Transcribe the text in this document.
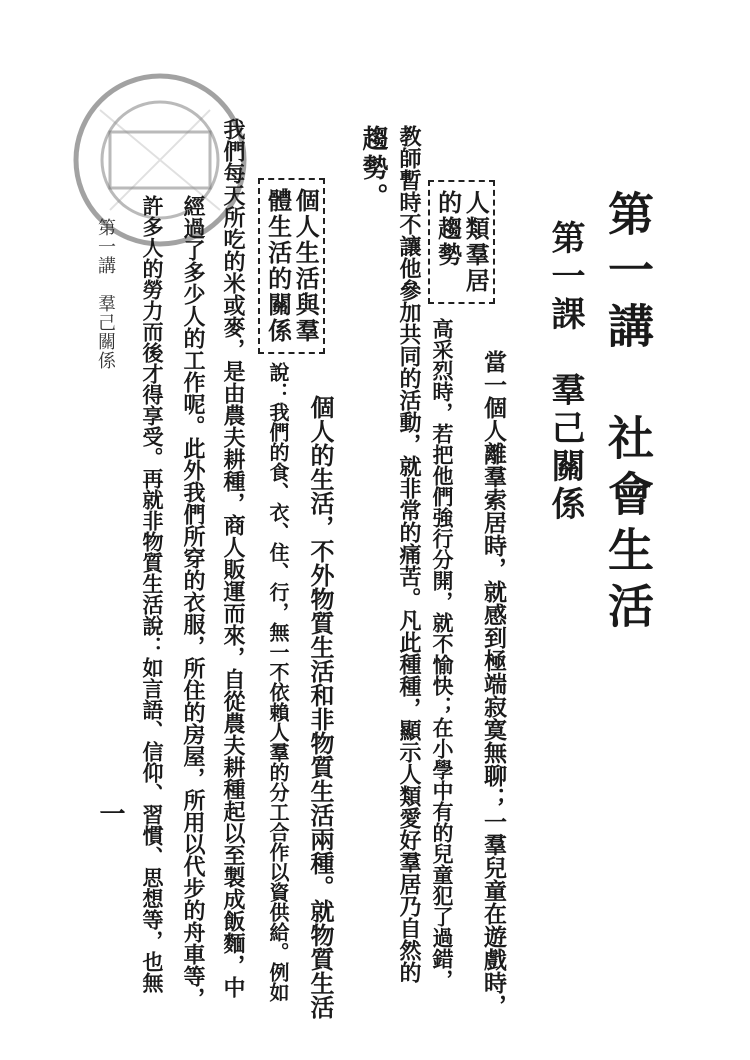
第一講　社會生活
第一課　羣己關係
人類羣居
的趨勢
個人生活與羣
體生活的關係
當一個人離羣索居時，就感到極端寂寞無聊；一羣兒童在遊戲時，
高采烈時，若把他們強行分開，就不愉快；在小學中有的兒童犯了過錯，
教師暫時不讓他參加共同的活動，就非常的痛苦。凡此種種，顯示人類愛好羣居乃自然的
趨勢。
個人的生活，不外物質生活和非物質生活兩種。就物質生活
說：我們的食、衣、住、行，無一不依賴人羣的分工合作以資供給。例如
我們每天所吃的米或麥，是由農夫耕種，商人販運而來，自從農夫耕種起以至製成飯麵，中
經過了多少人的工作呢。此外我們所穿的衣服，所住的房屋，所用以代步的舟車等，
許多人的勞力而後才得享受。再就非物質生活說：如言語、信仰、習慣、思想等，也無
第一講　羣己關係
一
